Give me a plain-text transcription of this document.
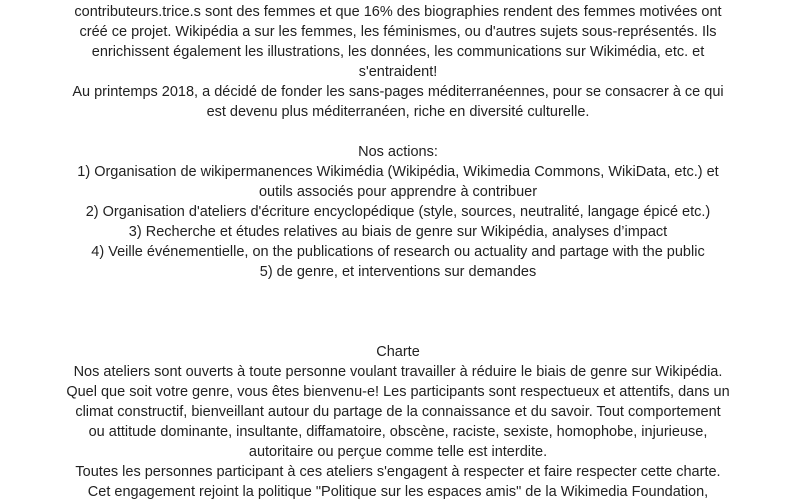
contributeurs.trice.s sont des femmes et que 16% des biographies rendent des femmes motivées ont
créé ce projet. Wikipédia a sur les femmes, les féminismes, ou d'autres sujets sous-représentés. Ils
enrichissent également les illustrations, les données, les communications sur Wikimédia, etc. et
s'entraident!
Au printemps 2018, a décidé de fonder les sans-pages méditerranéennes, pour se consacrer à ce qui
est devenu plus méditerranéen, riche en diversité culturelle.
Nos actions:
1) Organisation de wikipermanences Wikimédia (Wikipédia, Wikimedia Commons, WikiData, etc.) et
outils associés pour apprendre à contribuer
2) Organisation d'ateliers d'écriture encyclopédique (style, sources, neutralité, langage épicé etc.)
3) Recherche et études relatives au biais de genre sur Wikipédia, analyses d’impact
4) Veille événementielle, on the publications of research ou actuality and partage with the public
5) de genre, et interventions sur demandes
Charte
Nos ateliers sont ouverts à toute personne voulant travailler à réduire le biais de genre sur Wikipédia.
Quel que soit votre genre, vous êtes bienvenu-e! Les participants sont respectueux et attentifs, dans un
climat constructif, bienveillant autour du partage de la connaissance et du savoir. Tout comportement
ou attitude dominante, insultante, diffamatoire, obscène, raciste, sexiste, homophobe, injurieuse,
autoritaire ou perçue comme telle est interdite.
Toutes les personnes participant à ces ateliers s'engagent à respecter et faire respecter cette charte.
Cet engagement rejoint la politique "Politique sur les espaces amis" de la Wikimedia Foundation,
